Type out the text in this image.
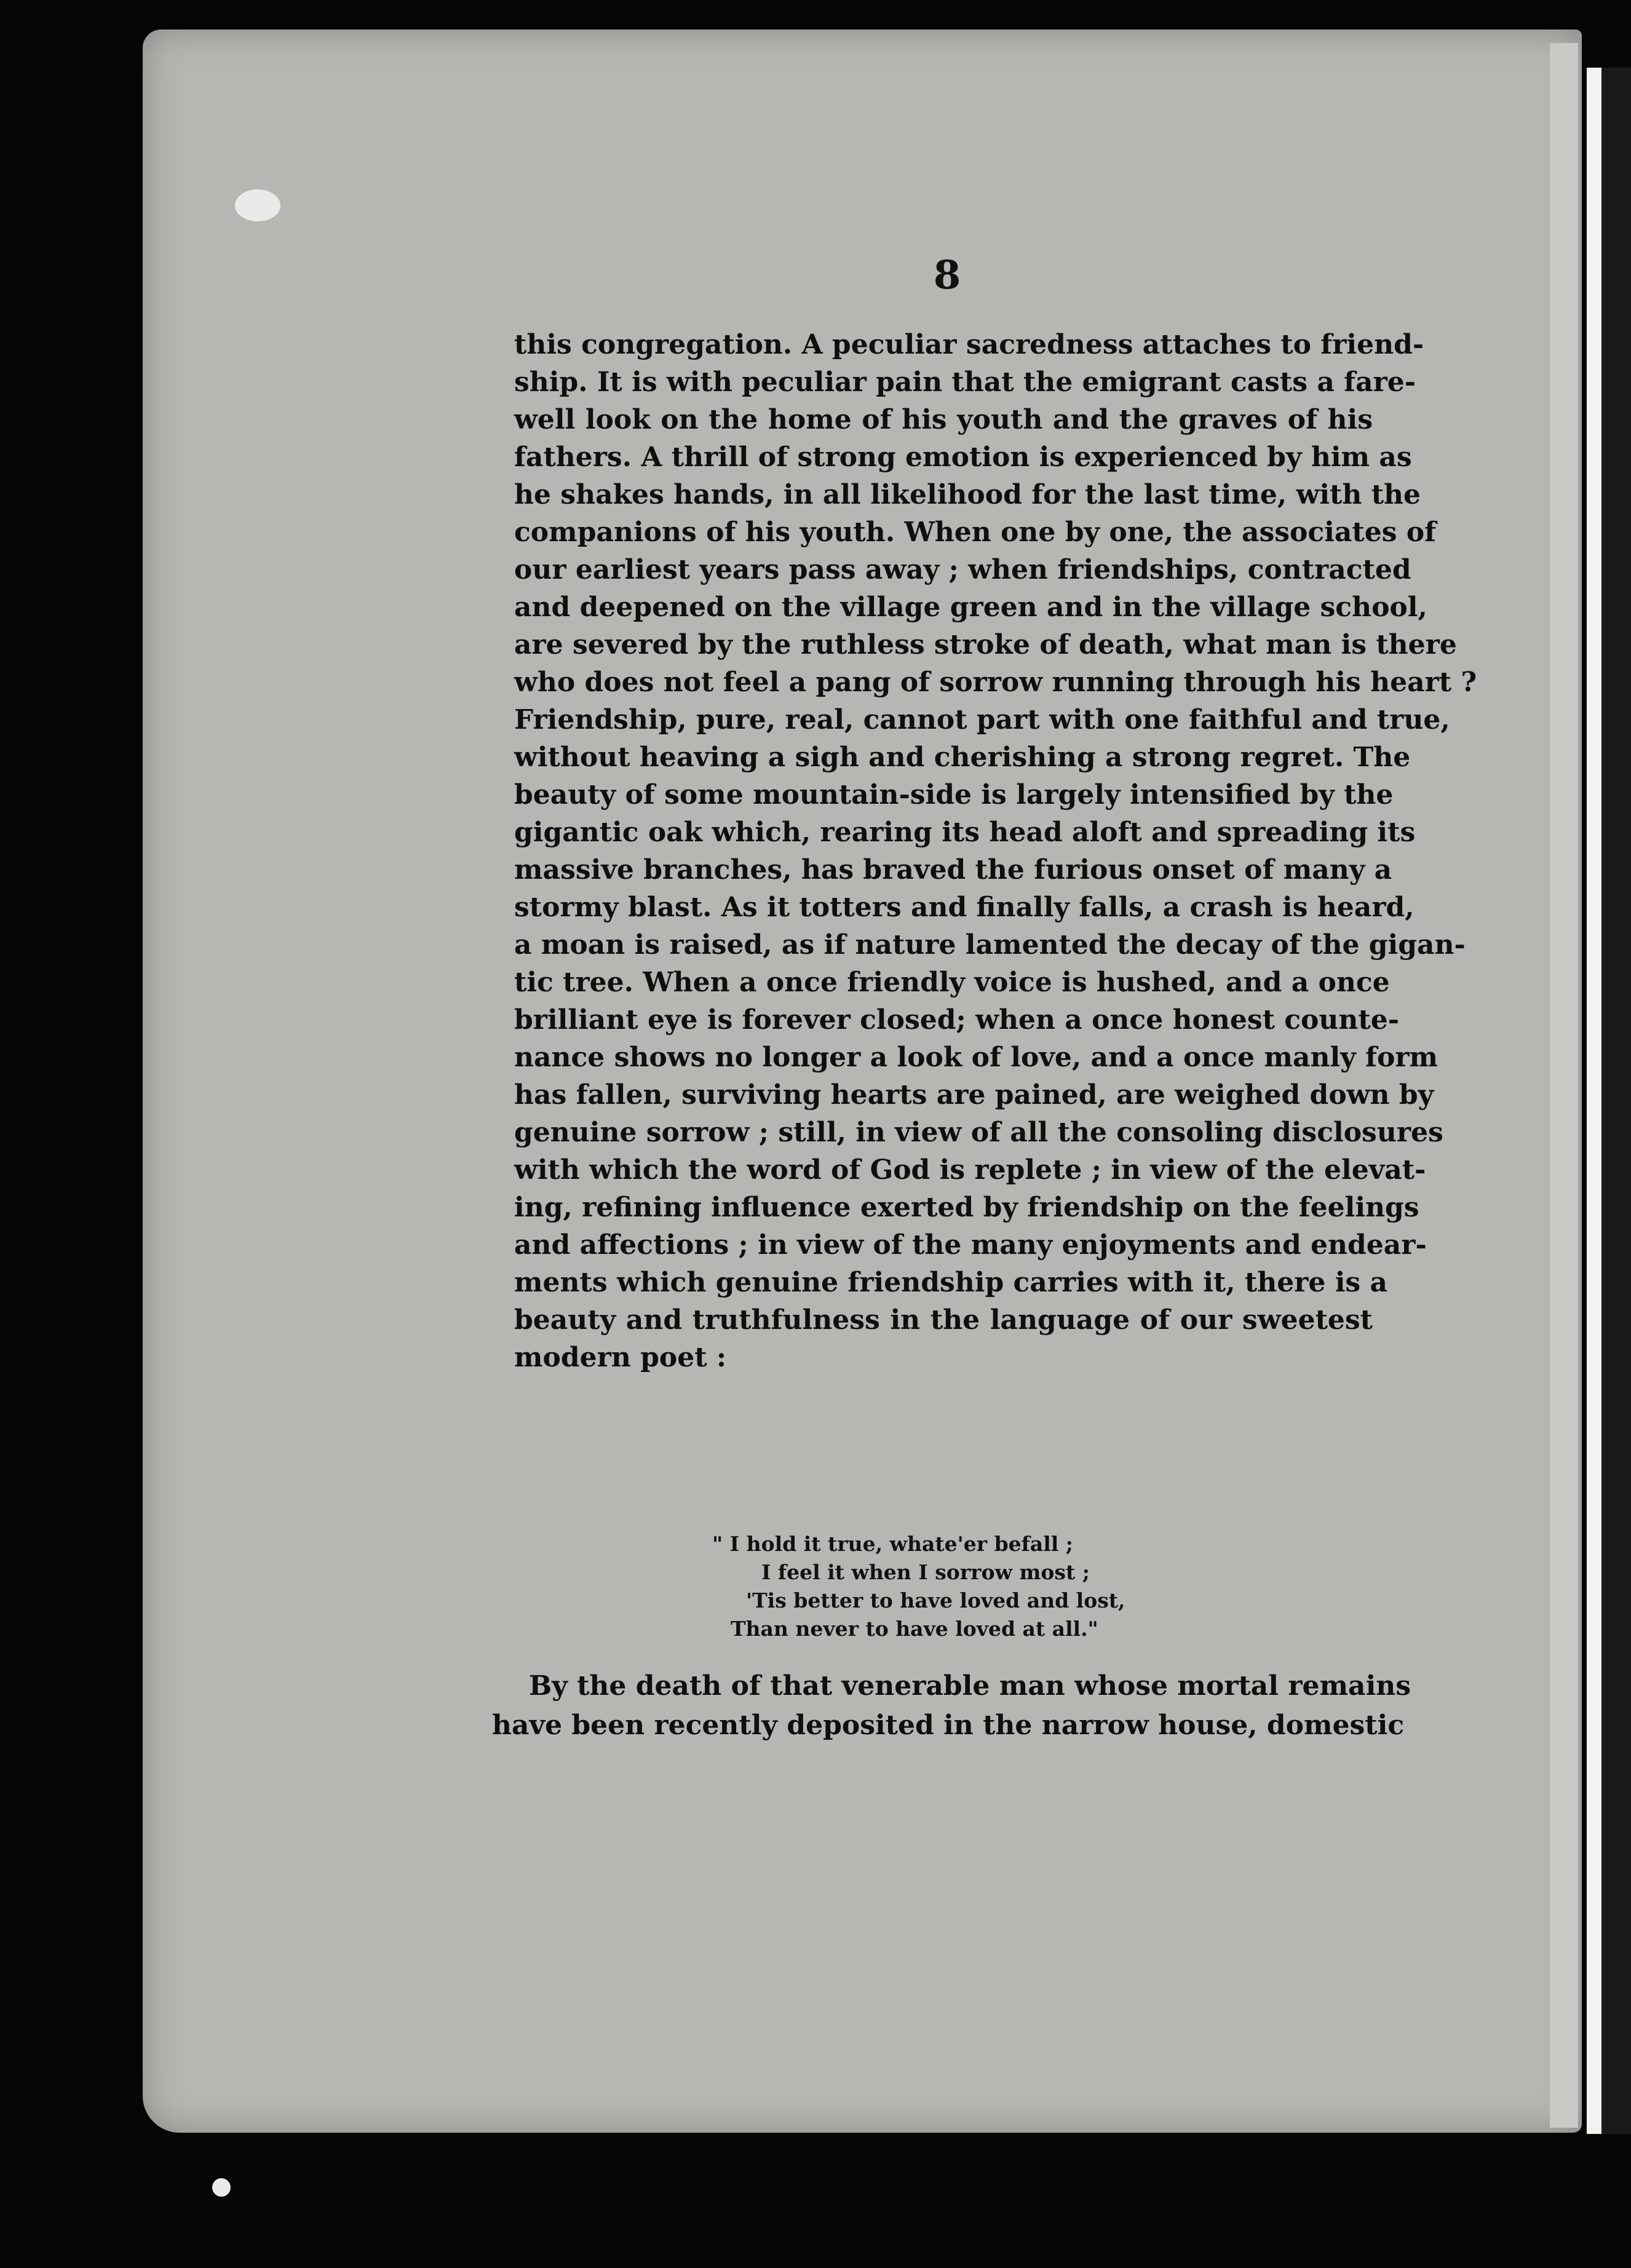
8
this congregation. A peculiar sacredness attaches to friend-
ship. It is with peculiar pain that the emigrant casts a fare-
well look on the home of his youth and the graves of his
fathers. A thrill of strong emotion is experienced by him as
he shakes hands, in all likelihood for the last time, with the
companions of his youth. When one by one, the associates of
our earliest years pass away ; when friendships, contracted
and deepened on the village green and in the village school,
are severed by the ruthless stroke of death, what man is there
who does not feel a pang of sorrow running through his heart ?
Friendship, pure, real, cannot part with one faithful and true,
without heaving a sigh and cherishing a strong regret. The
beauty of some mountain-side is largely intensified by the
gigantic oak which, rearing its head aloft and spreading its
massive branches, has braved the furious onset of many a
stormy blast. As it totters and finally falls, a crash is heard,
a moan is raised, as if nature lamented the decay of the gigan-
tic tree. When a once friendly voice is hushed, and a once
brilliant eye is forever closed; when a once honest counte-
nance shows no longer a look of love, and a once manly form
has fallen, surviving hearts are pained, are weighed down by
genuine sorrow ; still, in view of all the consoling disclosures
with which the word of God is replete ; in view of the elevat-
ing, refining influence exerted by friendship on the feelings
and affections ; in view of the many enjoyments and endear-
ments which genuine friendship carries with it, there is a
beauty and truthfulness in the language of our sweetest
modern poet :
" I hold it true, whate'er befall ;
I feel it when I sorrow most ;
'Tis better to have loved and lost,
Than never to have loved at all."
By the death of that venerable man whose mortal remains
have been recently deposited in the narrow house, domestic
